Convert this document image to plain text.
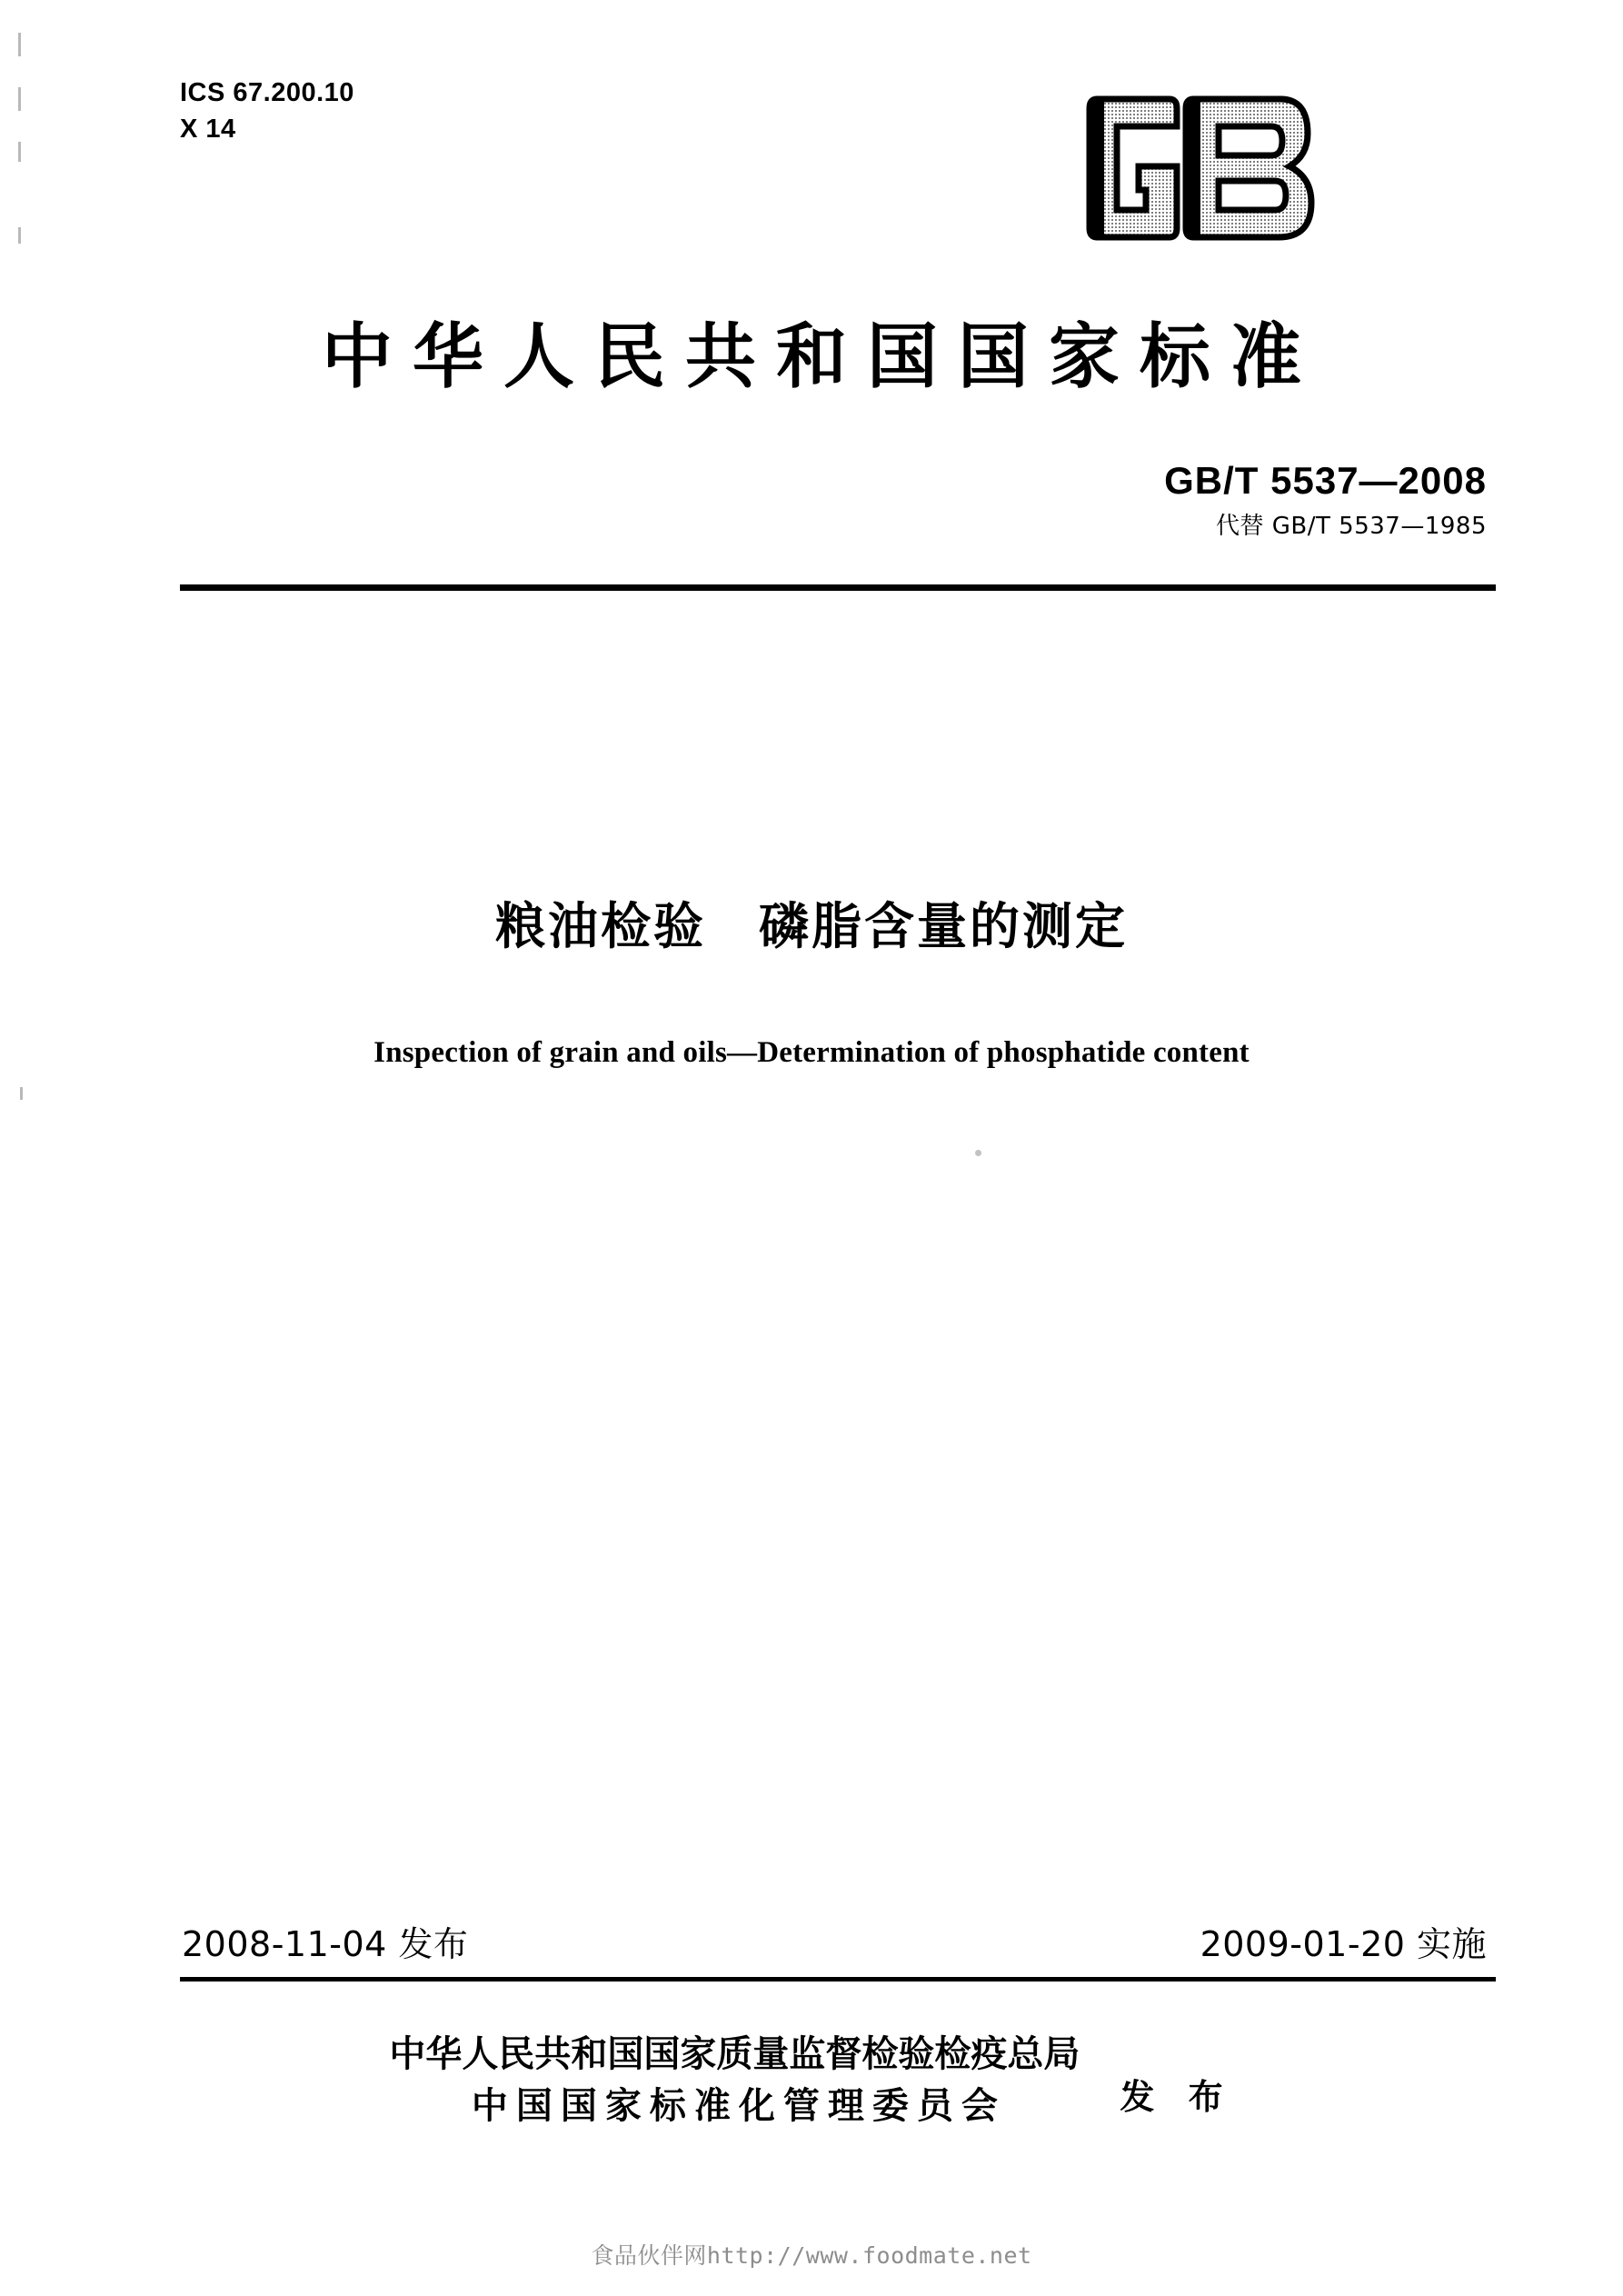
ICS 67.200.10
X 14
中华人民共和国国家标准
GB/T 5537—2008
代替 GB/T 5537—1985
粮油检验　磷脂含量的测定
Inspection of grain and oils—Determination of phosphatide content
2008-11-04 发布	2009-01-20 实施
中华人民共和国国家质量监督检验检疫总局
中国国家标准化管理委员会	发 布
食品伙伴网http://www.foodmate.net
